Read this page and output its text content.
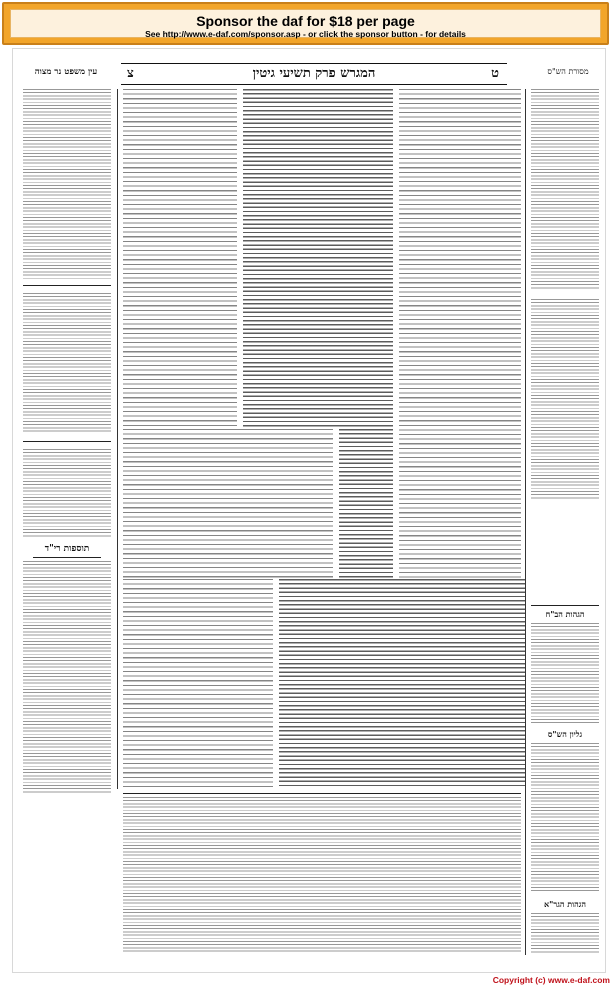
Sponsor the daf for $18 per page
See http://www.e-daf.com/sponsor.asp - or click the sponsor button - for details
עין משפט נר מצוה	מסורת הש"ס
ט
המגרש פרק תשיעי גיטין
צ
תוספות רי"ד
הגהות הב"ח
גליון הש"ס
הגהות הגר"א
Copyright (c) www.e-daf.com
